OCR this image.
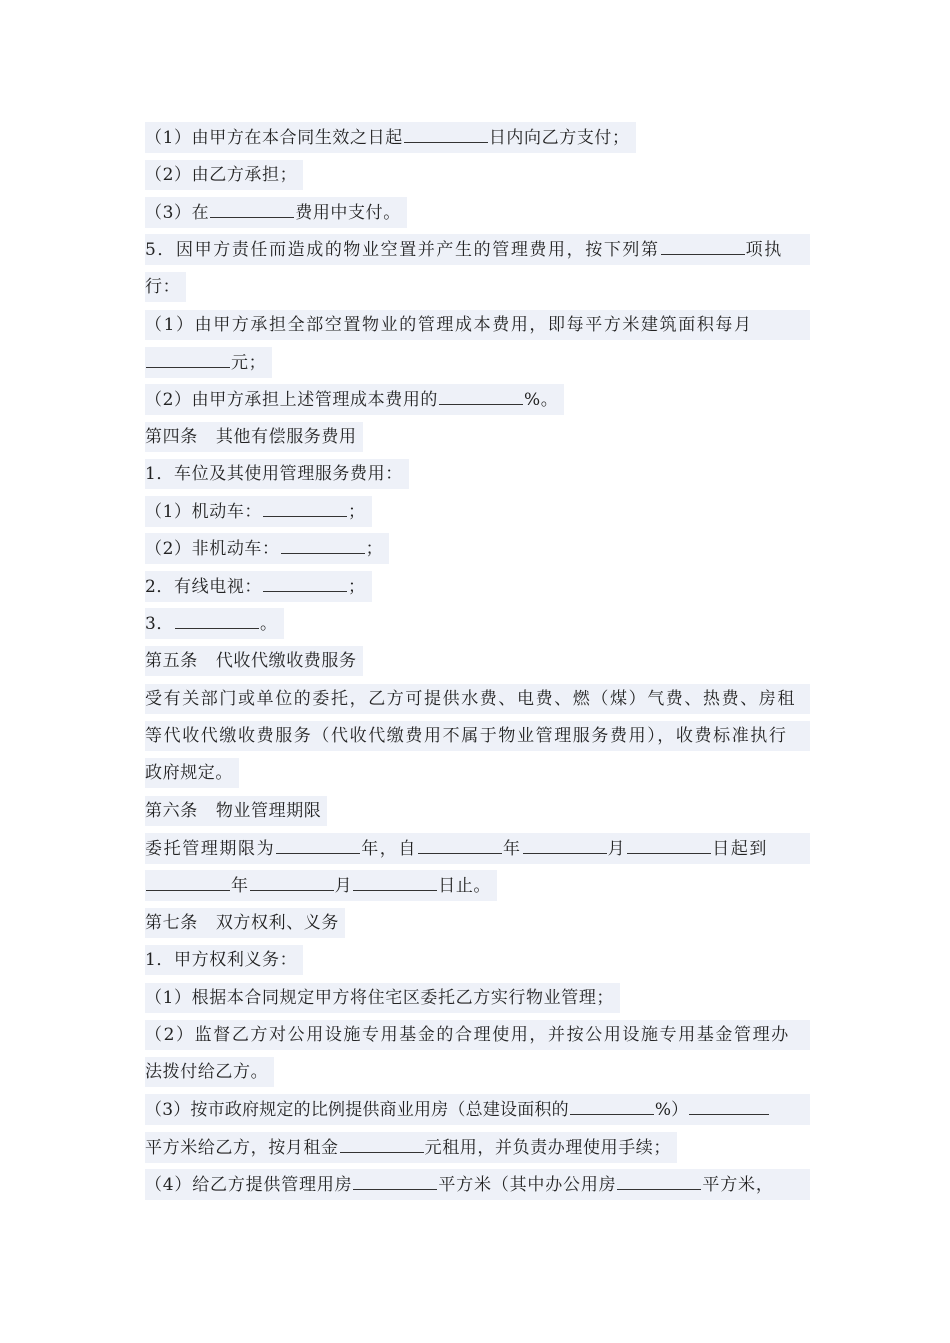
（1）由甲方在本合同生效之日起	日内向乙方支付；
（2）由乙方承担；
（3）在	费用中支付。
5．因甲方责任而造成的物业空置并产生的管理费用，按下列第	项执
行：
（1）由甲方承担全部空置物业的管理成本费用，即每平方米建筑面积每月
元；
（2）由甲方承担上述管理成本费用的	%。
第四条 其他有偿服务费用
1．车位及其使用管理服务费用：
（1）机动车：	；
（2）非机动车：	；
2．有线电视：	；
3．	。
第五条 代收代缴收费服务
受有关部门或单位的委托，乙方可提供水费、电费、燃（煤）气费、热费、房租
等代收代缴收费服务（代收代缴费用不属于物业管理服务费用），收费标准执行
政府规定。
第六条 物业管理期限
委托管理期限为	年，自	年	月	日起到
年	月	日止。
第七条 双方权利、义务
1．甲方权利义务：
（1）根据本合同规定甲方将住宅区委托乙方实行物业管理；
（2）监督乙方对公用设施专用基金的合理使用，并按公用设施专用基金管理办
法拨付给乙方。
（3）按市政府规定的比例提供商业用房（总建设面积的	%）
平方米给乙方，按月租金	元租用，并负责办理使用手续；
（4）给乙方提供管理用房	平方米（其中办公用房	平方米，
